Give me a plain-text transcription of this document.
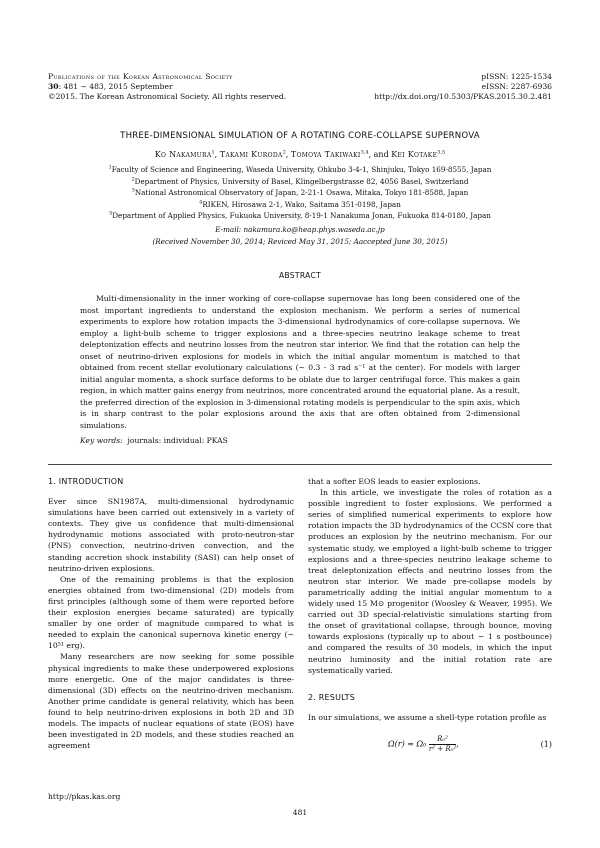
Publications of the Korean Astronomical Society
30: 481 ∼ 483, 2015 September
©2015. The Korean Astronomical Society. All rights reserved.
pISSN: 1225-1534
eISSN: 2287-6936
http://dx.doi.org/10.5303/PKAS.2015.30.2.481
THREE-DIMENSIONAL SIMULATION OF A ROTATING CORE-COLLAPSE SUPERNOVA
Ko Nakamura$^1$, Takami Kuroda$^2$, Tomoya Takiwaki$^{3,4}$, and Kei Kotake$^{3,5}$
$^1$Faculty of Science and Engineering, Waseda University, Ohkubo 3-4-1, Shinjuku, Tokyo 169-8555, Japan
$^2$Department of Physics, University of Basel, Klingelbergstrasse 82, 4056 Basel, Switzerland
$^3$National Astronomical Observatory of Japan, 2-21-1 Osawa, Mitaka, Tokyo 181-8588, Japan
$^4$RIKEN, Hirosawa 2-1, Wako, Saitama 351-0198, Japan
$^5$Department of Applied Physics, Fukuoka University, 8-19-1 Nanakuma Jonan, Fukuoka 814-0180, Japan
E-mail: nakamura.ko@heap.phys.waseda.ac.jp
(Received November 30, 2014; Reviced May 31, 2015; Aaccepted June 30, 2015)
ABSTRACT

Multi-dimensionality in the inner working of core-collapse supernovae has long been considered one of the most important ingredients to understand the explosion mechanism. We perform a series of numerical experiments to explore how rotation impacts the 3-dimensional hydrodynamics of core-collapse supernova. We employ a light-bulb scheme to trigger explosions and a three-species neutrino leakage scheme to treat deleptonization effects and neutrino losses from the neutron star interior. We find that the rotation can help the onset of neutrino-driven explosions for models in which the initial angular momentum is matched to that obtained from recent stellar evolutionary calculations (∼ 0.3 - 3 rad s⁻¹ at the center). For models with larger initial angular momenta, a shock surface deforms to be oblate due to larger centrifugal force. This makes a gain region, in which matter gains energy from neutrinos, more concentrated around the equatorial plane. As a result, the preferred direction of the explosion in 3-dimensional rotating models is perpendicular to the spin axis, which is in sharp contrast to the polar explosions around the axis that are often obtained from 2-dimensional simulations.

Key words: journals: individual: PKAS
1. INTRODUCTION

Ever since SN1987A, multi-dimensional hydrodynamic simulations have been carried out extensively in a variety of contexts. They give us confidence that multi-dimensional hydrodynamic motions associated with proto-neutron-star (PNS) convection, neutrino-driven convection, and the standing accretion shock instability (SASI) can help onset of neutrino-driven explosions.

One of the remaining problems is that the explosion energies obtained from two-dimensional (2D) models from first principles (although some of them were reported before their explosion energies became saturated) are typically smaller by one order of magnitude compared to what is needed to explain the canonical supernova kinetic energy (∼ 10⁵¹ erg).

Many researchers are now seeking for some possible physical ingredients to make these underpowered explosions more energetic. One of the major candidates is three-dimensional (3D) effects on the neutrino-driven mechanism. Another prime candidate is general relativity, which has been found to help neutrino-driven explosions in both 2D and 3D models. The impacts of nuclear equations of state (EOS) have been investigated in 2D models, and these studies reached an agreement

that a softer EOS leads to easier explosions.

In this article, we investigate the roles of rotation as a possible ingredient to foster explosions. We performed a series of simplified numerical experiments to explore how rotation impacts the 3D hydrodynamics of the CCSN core that produces an explosion by the neutrino mechanism. For our systematic study, we employed a light-bulb scheme to trigger explosions and a three-species neutrino leakage scheme to treat deleptonization effects and neutrino losses from the neutron star interior. We made pre-collapse models by parametrically adding the initial angular momentum to a widely used 15 M⊙ progenitor (Woosley & Weaver, 1995). We carried out 3D special-relativistic simulations starting from the onset of gravitational collapse, through bounce, moving towards explosions (typically up to about ∼ 1 s postbounce) and compared the results of 30 models, in which the input neutrino luminosity and the initial rotation rate are systematically varied.

2. RESULTS

In our simulations, we assume a shell-type rotation profile as

$\Omega(r) = \Omega_0 \frac{\text{R₀²}}{\text{r² + R₀²}}$ ,	(1)
http://pkas.kas.org
481
